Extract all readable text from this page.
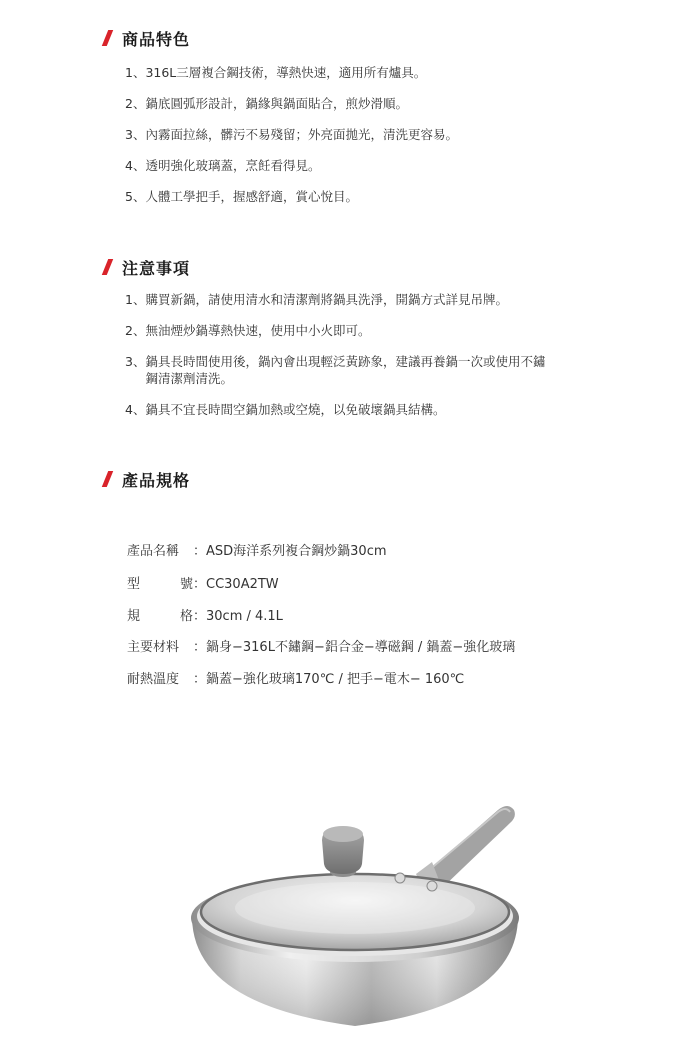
商品特色
1、 316L三層複合鋼技術，導熱快速，適用所有爐具。
2、 鍋底圓弧形設計，鍋緣與鍋面貼合，煎炒滑順。
3、 內霧面拉絲，髒污不易殘留；外亮面拋光，清洗更容易。
4、 透明強化玻璃蓋，烹飪看得見。
5、 人體工學把手，握感舒適，賞心悅目。
注意事項
1、 購買新鍋，請使用清水和清潔劑將鍋具洗淨，開鍋方式詳見吊牌。
2、 無油煙炒鍋導熱快速，使用中小火即可。
3、 鍋具長時間使用後，鍋內會出現輕泛黃跡象，建議再養鍋一次或使用不鏽鋼清潔劑清洗。
4、 鍋具不宜長時間空鍋加熱或空燒，以免破壞鍋具結構。
產品規格
產品名稱	： ASD海洋系列複合鋼炒鍋30cm
型	號 ： CC30A2TW
規	格 ： 30cm / 4.1L
主要材料	： 鍋身−316L不鏽鋼−鋁合金−導磁鋼 / 鍋蓋−強化玻璃
耐熱溫度	： 鍋蓋−強化玻璃170℃ / 把手−電木− 160℃
